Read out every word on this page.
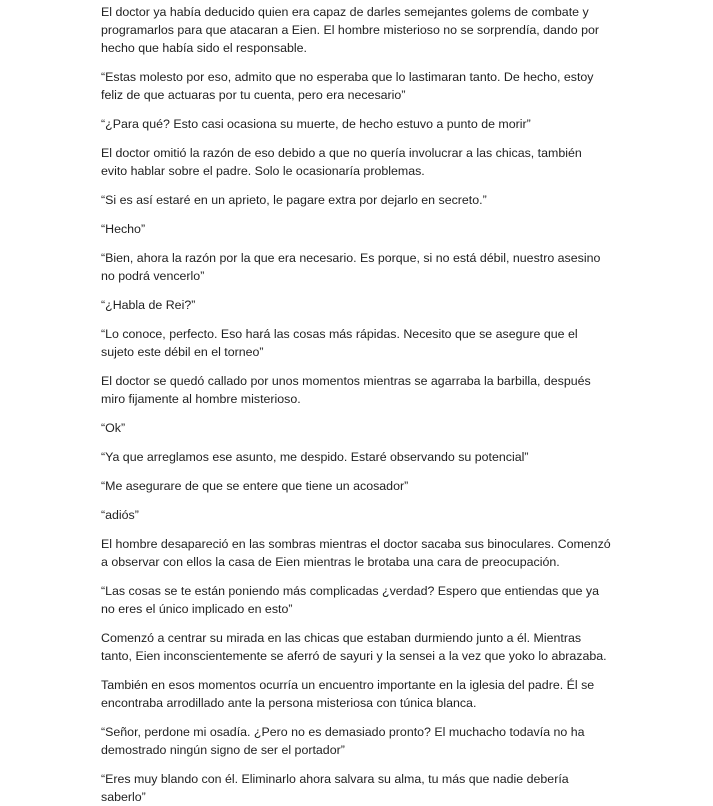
El doctor ya había deducido quien era capaz de darles semejantes golems de combate y programarlos para que atacaran a Eien. El hombre misterioso no se sorprendía, dando por hecho que había sido el responsable.

“Estas molesto por eso, admito que no esperaba que lo lastimaran tanto. De hecho, estoy feliz de que actuaras por tu cuenta, pero era necesario”

“¿Para qué? Esto casi ocasiona su muerte, de hecho estuvo a punto de morir”

El doctor omitió la razón de eso debido a que no quería involucrar a las chicas, también evito hablar sobre el padre. Solo le ocasionaría problemas.

“Si es así estaré en un aprieto, le pagare extra por dejarlo en secreto.”

“Hecho”

“Bien, ahora la razón por la que era necesario. Es porque, si no está débil, nuestro asesino no podrá vencerlo”

“¿Habla de Rei?”

“Lo conoce, perfecto. Eso hará las cosas más rápidas. Necesito que se asegure que el sujeto este débil en el torneo”

El doctor se quedó callado por unos momentos mientras se agarraba la barbilla, después miro fijamente al hombre misterioso.

“Ok”

“Ya que arreglamos ese asunto, me despido. Estaré observando su potencial”

“Me asegurare de que se entere que tiene un acosador”

“adiós”

El hombre desapareció en las sombras mientras el doctor sacaba sus binoculares. Comenzó a observar con ellos la casa de Eien mientras le brotaba una cara de preocupación.

“Las cosas se te están poniendo más complicadas ¿verdad? Espero que entiendas que ya no eres el único implicado en esto”

Comenzó a centrar su mirada en las chicas que estaban durmiendo junto a él. Mientras tanto, Eien inconscientemente se aferró de sayuri y la sensei a la vez que yoko lo abrazaba.

También en esos momentos ocurría un encuentro importante en la iglesia del padre. Él se encontraba arrodillado ante la persona misteriosa con túnica blanca.

“Señor, perdone mi osadía. ¿Pero no es demasiado pronto? El muchacho todavía no ha demostrado ningún signo de ser el portador”

“Eres muy blando con él. Eliminarlo ahora salvara su alma, tu más que nadie debería saberlo”
